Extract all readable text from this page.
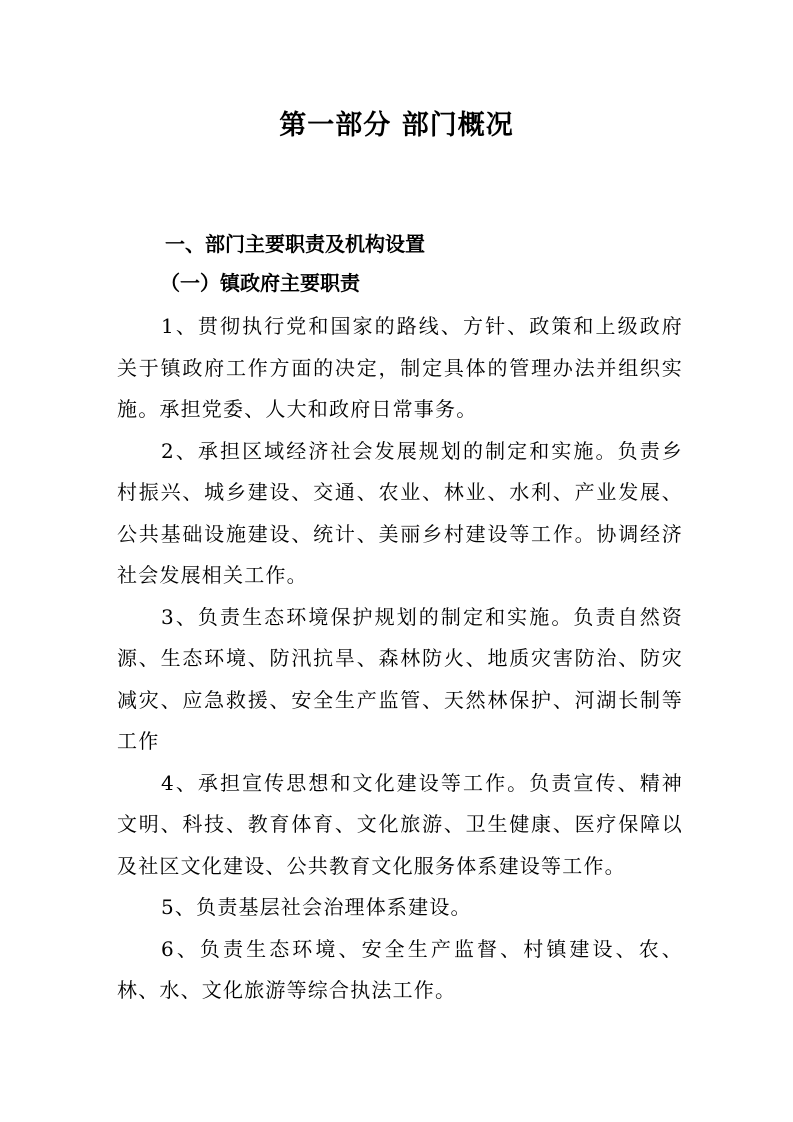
第一部分 部门概况
一、部门主要职责及机构设置
（一）镇政府主要职责

1、贯彻执行党和国家的路线、方针、政策和上级政府关于镇政府工作方面的决定，制定具体的管理办法并组织实施。承担党委、人大和政府日常事务。

2、承担区域经济社会发展规划的制定和实施。负责乡村振兴、城乡建设、交通、农业、林业、水利、产业发展、公共基础设施建设、统计、美丽乡村建设等工作。协调经济社会发展相关工作。

3、负责生态环境保护规划的制定和实施。负责自然资源、生态环境、防汛抗旱、森林防火、地质灾害防治、防灾减灾、应急救援、安全生产监管、天然林保护、河湖长制等工作

4、承担宣传思想和文化建设等工作。负责宣传、精神文明、科技、教育体育、文化旅游、卫生健康、医疗保障以及社区文化建设、公共教育文化服务体系建设等工作。

5、负责基层社会治理体系建设。

6、负责生态环境、安全生产监督、村镇建设、农、林、水、文化旅游等综合执法工作。
